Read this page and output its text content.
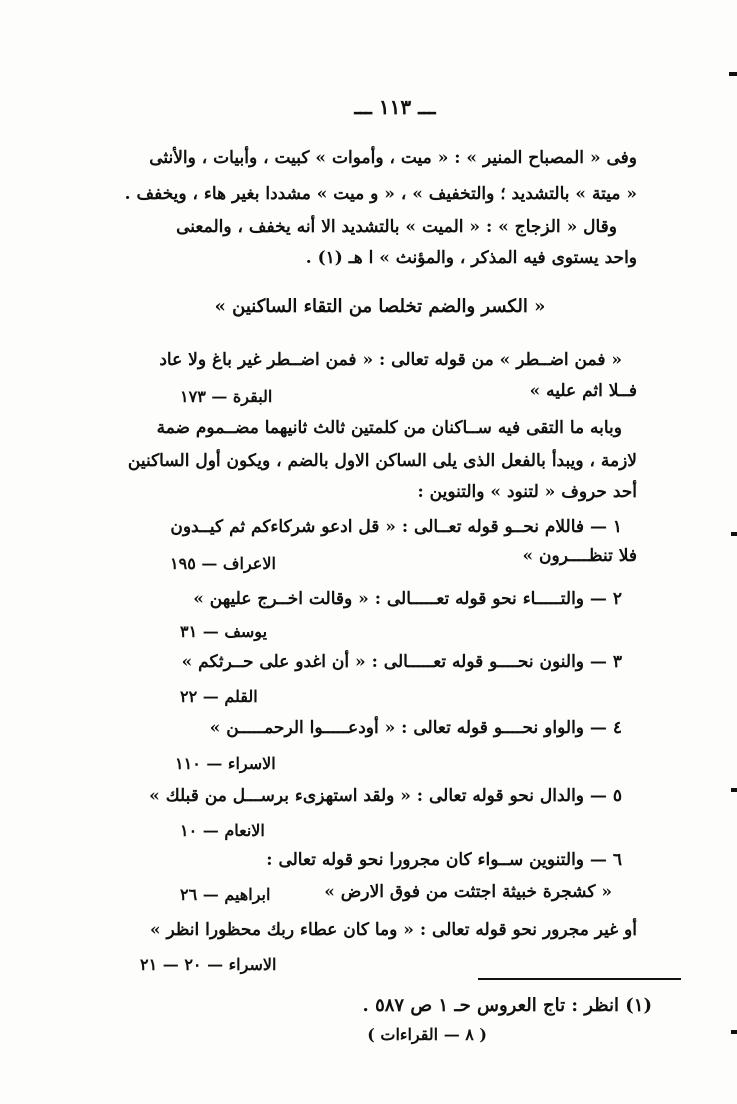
ـــ ١١٣ ـــ
وفى « المصباح المنير » : « ميت ، وأموات » كبيت ، وأبيات ، والأنثى
« ميتة » بالتشديد ؛ والتخفيف » ، « و ميت » مشددا بغير هاء ، ويخفف .
وقال « الزجاج » : « الميت » بالتشديد الا أنه يخفف ، والمعنى
واحد يستوى فيه المذكر ، والمؤنث » ا هـ (١) .
« الكسر والضم تخلصا من التقاء الساكنين »
« فمن اضــطر » من قوله تعالى : « فمن اضــطر غير باغ ولا عاد
فــلا اثم عليه »
البقرة — ١٧٣
وبابه ما التقى فيه ســاكنان من كلمتين ثالث ثانيهما مضــموم ضمة
لازمة ، ويبدأ بالفعل الذى يلى الساكن الاول بالضم ، ويكون أول الساكنين
أحد حروف « لتنود » والتنوين :
١ — فاللام نحــو قوله تعــالى : « قل ادعو شركاءكم ثم كيــدون
فلا تنظــــرون »
الاعراف — ١٩٥
٢ — والتـــــاء نحو قوله تعـــــالى : « وقالت اخــرج عليهن »
يوسف — ٣١
٣ — والنون نحــــو قوله تعـــــالى : « أن اغدو على حــرثكم »
القلم — ٢٢
٤ — والواو نحــــو قوله تعالى : « أودعـــــوا الرحمـــــن »
الاسراء — ١١٠
٥ — والدال نحو قوله تعالى : « ولقد استهزىء برســـل من قبلك »
الانعام — ١٠
٦ — والتنوين ســواء كان مجرورا نحو قوله تعالى :
« كشجرة خبيثة اجتثت من فوق الارض »
ابراهيم — ٢٦
أو غير مجرور نحو قوله تعالى : « وما كان عطاء ربك محظورا انظر »
الاسراء — ٢٠ — ٢١
(١) انظر : تاج العروس حـ ١ ص ٥٨٧ .
( ٨ — القراءات )
